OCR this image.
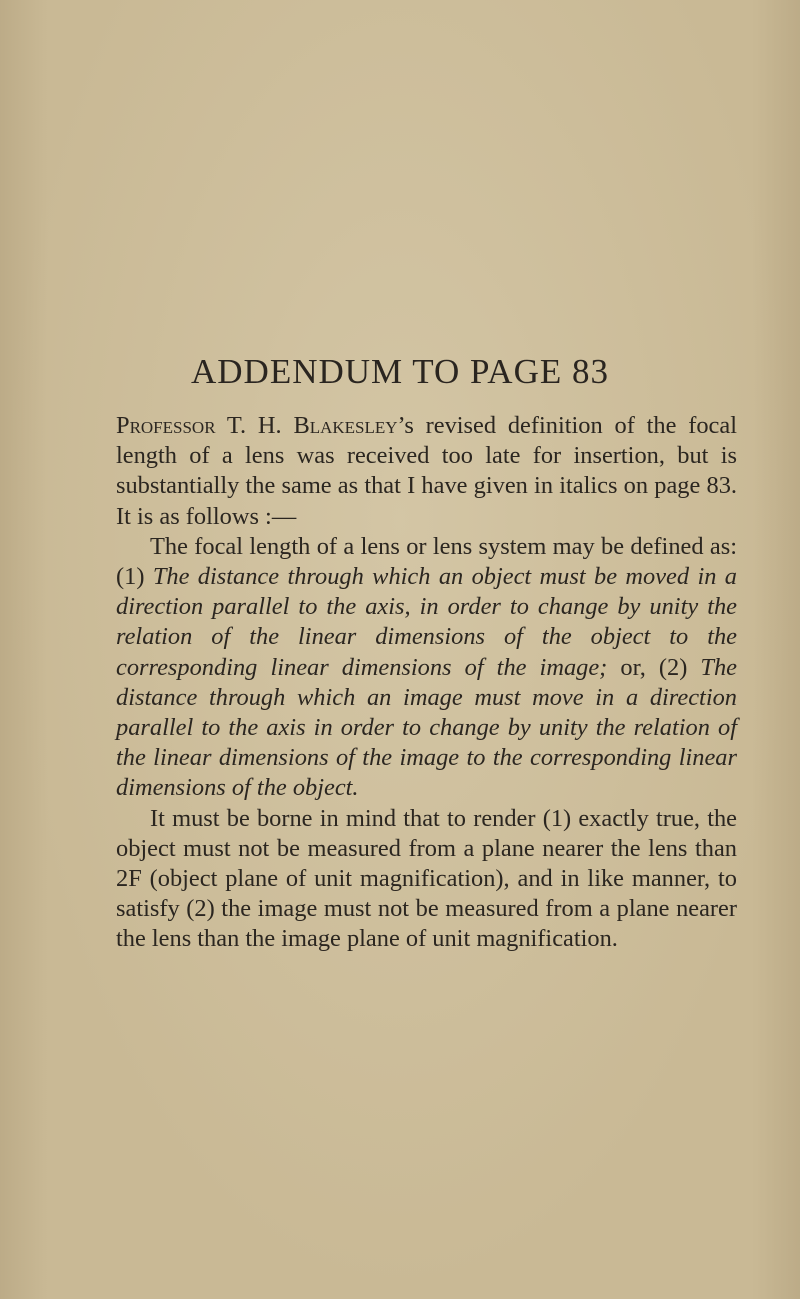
ADDENDUM TO PAGE 83

Professor T. H. Blakesley’s revised definition of the focal length of a lens was received too late for insertion, but is substantially the same as that I have given in italics on page 83. It is as follows :—

The focal length of a lens or lens system may be defined as: (1) The distance through which an object must be moved in a direction parallel to the axis, in order to change by unity the relation of the linear dimensions of the object to the corresponding linear dimensions of the image; or, (2) The distance through which an image must move in a direction parallel to the axis in order to change by unity the relation of the linear dimensions of the image to the corresponding linear dimensions of the object.

It must be borne in mind that to render (1) exactly true, the object must not be measured from a plane nearer the lens than 2F (object plane of unit magnification), and in like manner, to satisfy (2) the image must not be measured from a plane nearer the lens than the image plane of unit magnification.
